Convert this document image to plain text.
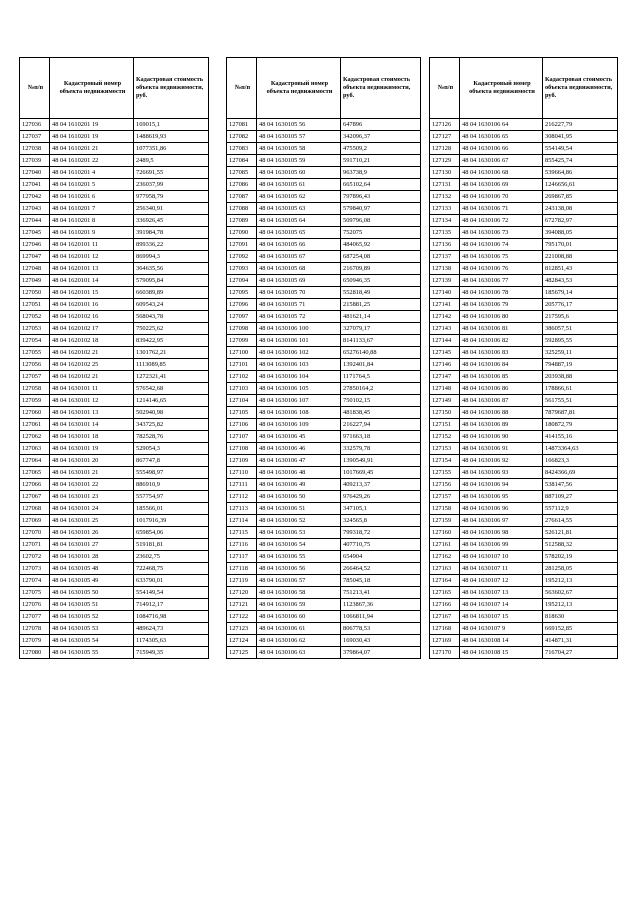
№п/п	Кадастровый номер объекта недвижимости	Кадастровая стоимость объекта недвижимости, руб.
127036	48 04 1610201 19	169015,1
127037	48 04 1610201 19	1488619,93
127038	48 04 1610201 21	1077351,86
127039	48 04 1610201 22	2489,5
127040	48 04 1610201 4	726691,55
127041	48 04 1610201 5	236037,99
127042	48 04 1610201 6	977958,79
127043	48 04 1610201 7	256340,91
127044	48 04 1610201 8	336926,45
127045	48 04 1610201 9	391984,78
127046	48 04 1620101 11	899336,22
127047	48 04 1620101 12	869994,3
127048	48 04 1620101 13	364635,56
127049	48 04 1620101 14	579095,84
127050	48 04 1620101 15	660389,89
127051	48 04 1620101 16	609543,24
127052	48 04 1620102 16	568043,78
127053	48 04 1620102 17	750225,62
127054	48 04 1620102 18	839422,95
127055	48 04 1620102 21	1301762,21
127056	48 04 1620102 25	1113089,85
127057	48 04 1620102 21	1272321,41
127058	48 04 1630101 11	576542,68
127059	48 04 1630101 12	1214146,65
127060	48 04 1630101 13	502940,98
127061	48 04 1630101 14	343725,82
127062	48 04 1630101 18	782528,76
127063	48 04 1630101 19	529054,3
127064	48 04 1630101 20	867747,8
127065	48 04 1630101 21	555498,97
127066	48 04 1630101 22	886910,9
127067	48 04 1630101 23	557754,97
127068	48 04 1630101 24	185566,01
127069	48 04 1630101 25	1017916,39
127070	48 04 1630101 26	659854,06
127071	48 04 1630101 27	519181,81
127072	48 04 1630101 28	23602,75
127073	48 04 1630105 48	722468,75
127074	48 04 1630105 49	633790,01
127075	48 04 1630105 50	554149,54
127076	48 04 1630105 51	714912,17
127077	48 04 1630105 52	1084716,98
127078	48 04 1630105 53	489624,73
127079	48 04 1630105 54	1174305,63
127080	48 04 1630105 55	715949,35
№п/п	Кадастровый номер объекта недвижимости	Кадастровая стоимость объекта недвижимости, руб.
127081	48 04 1630105 56	647896
127082	48 04 1630105 57	342096,37
127083	48 04 1630105 58	475509,2
127084	48 04 1630105 59	591710,21
127085	48 04 1630105 60	963738,9
127086	48 04 1630105 61	665102,64
127087	48 04 1630105 62	797896,43
127088	48 04 1630105 63	579840,97
127089	48 04 1630105 64	509796,08
127090	48 04 1630105 65	752075
127091	48 04 1630105 66	484065,92
127092	48 04 1630105 67	687254,08
127093	48 04 1630105 68	216709,89
127094	48 04 1630105 69	650946,35
127095	48 04 1630105 70	552818,49
127096	48 04 1630105 71	215881,25
127097	48 04 1630105 72	481621,14
127098	48 04 1630106 100	327079,17
127099	48 04 1630106 101	8141133,67
127100	48 04 1630106 102	65276140,88
127101	48 04 1630106 103	1392401,84
127102	48 04 1630106 104	1171764,5
127103	48 04 1630106 105	27850164,2
127104	48 04 1630106 107	750102,15
127105	48 04 1630106 108	481838,45
127106	48 04 1630106 109	216227,94
127107	48 04 1630106 45	971663,18
127108	48 04 1630106 46	332579,78
127109	48 04 1630106 47	1390549,91
127110	48 04 1630106 48	1017669,45
127111	48 04 1630106 49	409213,37
127112	48 04 1630106 50	976429,26
127113	48 04 1630106 51	347105,1
127114	48 04 1630106 52	324565,8
127115	48 04 1630106 53	799318,72
127116	48 04 1630106 54	407710,75
127117	48 04 1630106 55	654904
127118	48 04 1630106 56	266464,52
127119	48 04 1630106 57	785045,18
127120	48 04 1630106 58	751213,41
127121	48 04 1630106 59	1123867,36
127122	48 04 1630106 60	1066811,94
127123	48 04 1630106 61	806778,53
127124	48 04 1630106 62	169030,43
127125	48 04 1630106 63	379864,07
№п/п	Кадастровый номер объекта недвижимости	Кадастровая стоимость объекта недвижимости, руб.
127126	48 04 1630106 64	216227,79
127127	48 04 1630106 65	308041,95
127128	48 04 1630106 66	554149,54
127129	48 04 1630106 67	855425,74
127130	48 04 1630106 68	539664,86
127131	48 04 1630106 69	1246656,61
127132	48 04 1630106 70	269867,85
127133	48 04 1630106 71	243138,08
127134	48 04 1630106 72	672782,97
127135	48 04 1630106 73	394088,05
127136	48 04 1630106 74	795170,01
127137	48 04 1630106 75	221008,88
127138	48 04 1630106 76	812851,43
127139	48 04 1630106 77	482843,53
127140	48 04 1630106 78	185679,14
127141	48 04 1630106 79	205776,17
127142	48 04 1630106 80	217595,6
127143	48 04 1630106 81	386057,51
127144	48 04 1630106 82	592895,55
127145	48 04 1630106 83	325259,11
127146	48 04 1630106 84	794887,19
127147	48 04 1630106 85	203938,88
127148	48 04 1630106 86	178866,61
127149	48 04 1630106 87	561755,51
127150	48 04 1630106 88	7879687,81
127151	48 04 1630106 89	180872,79
127152	48 04 1630106 90	414155,16
127153	48 04 1630106 91	14873364,63
127154	48 04 1630106 92	166823,3
127155	48 04 1630106 93	8424366,69
127156	48 04 1630106 94	538147,56
127157	48 04 1630106 95	887109,27
127158	48 04 1630106 96	557112,9
127159	48 04 1630106 97	276614,55
127160	48 04 1630106 98	526121,81
127161	48 04 1630106 99	512588,32
127162	48 04 1630107 10	578202,19
127163	48 04 1630107 11	281258,05
127164	48 04 1630107 12	195212,13
127165	48 04 1630107 13	563602,67
127166	48 04 1630107 14	195212,13
127167	48 04 1630107 15	818630
127168	48 04 1630107 9	669152,85
127169	48 04 1630108 14	414871,31
127170	48 04 1630108 15	716704,27
